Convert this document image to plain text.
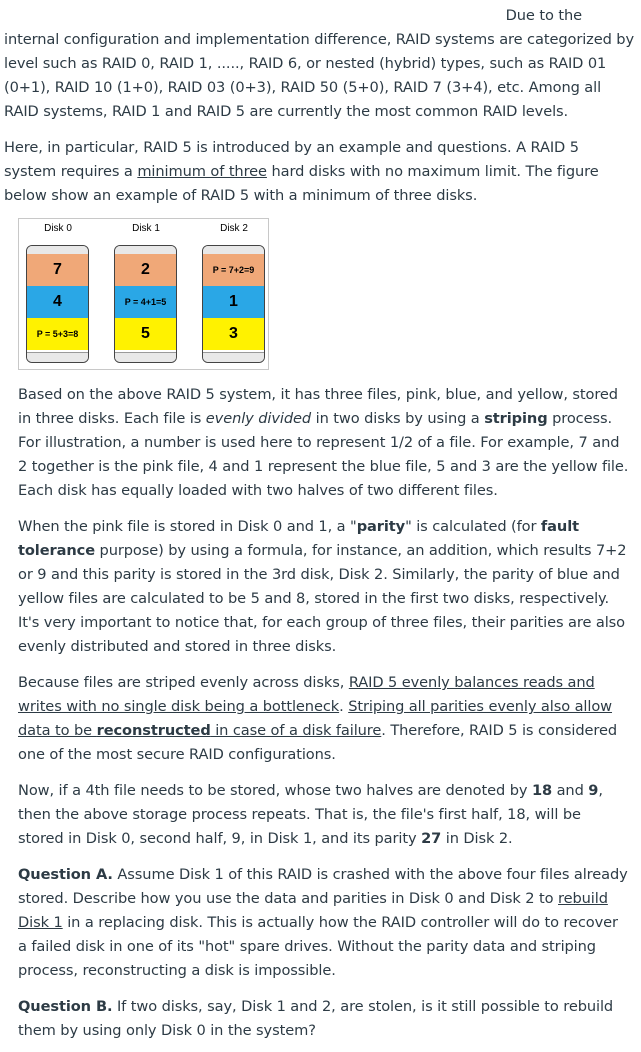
Due to the
internal configuration and implementation difference, RAID systems are categorized by level such as RAID 0, RAID 1, ....., RAID 6, or nested (hybrid) types, such as RAID 01 (0+1), RAID 10 (1+0), RAID 03 (0+3), RAID 50 (5+0), RAID 7 (3+4), etc. Among all RAID systems, RAID 1 and RAID 5 are currently the most common RAID levels.
Here, in particular, RAID 5 is introduced by an example and questions. A RAID 5 system requires a minimum of three hard disks with no maximum limit. The figure below show an example of RAID 5 with a minimum of three disks.
Disk 0	Disk 1	Disk 2
7
4
P = 5+3=8
2
P = 4+1=5
5
P = 7+2=9
1
3
Based on the above RAID 5 system, it has three files, pink, blue, and yellow, stored in three disks. Each file is evenly divided in two disks by using a striping process. For illustration, a number is used here to represent 1/2 of a file. For example, 7 and 2 together is the pink file, 4 and 1 represent the blue file, 5 and 3 are the yellow file. Each disk has equally loaded with two halves of two different files.
When the pink file is stored in Disk 0 and 1, a "parity" is calculated (for fault tolerance purpose) by using a formula, for instance, an addition, which results 7+2 or 9 and this parity is stored in the 3rd disk, Disk 2. Similarly, the parity of blue and yellow files are calculated to be 5 and 8, stored in the first two disks, respectively. It's very important to notice that, for each group of three files, their parities are also evenly distributed and stored in three disks.
Because files are striped evenly across disks, RAID 5 evenly balances reads and writes with no single disk being a bottleneck. Striping all parities evenly also allow data to be reconstructed in case of a disk failure. Therefore, RAID 5 is considered one of the most secure RAID configurations.
Now, if a 4th file needs to be stored, whose two halves are denoted by 18 and 9, then the above storage process repeats. That is, the file's first half, 18, will be stored in Disk 0, second half, 9, in Disk 1, and its parity 27 in Disk 2.
Question A. Assume Disk 1 of this RAID is crashed with the above four files already stored. Describe how you use the data and parities in Disk 0 and Disk 2 to rebuild Disk 1 in a replacing disk. This is actually how the RAID controller will do to recover a failed disk in one of its "hot" spare drives. Without the parity data and striping process, reconstructing a disk is impossible.
Question B. If two disks, say, Disk 1 and 2, are stolen, is it still possible to rebuild them by using only Disk 0 in the system?
